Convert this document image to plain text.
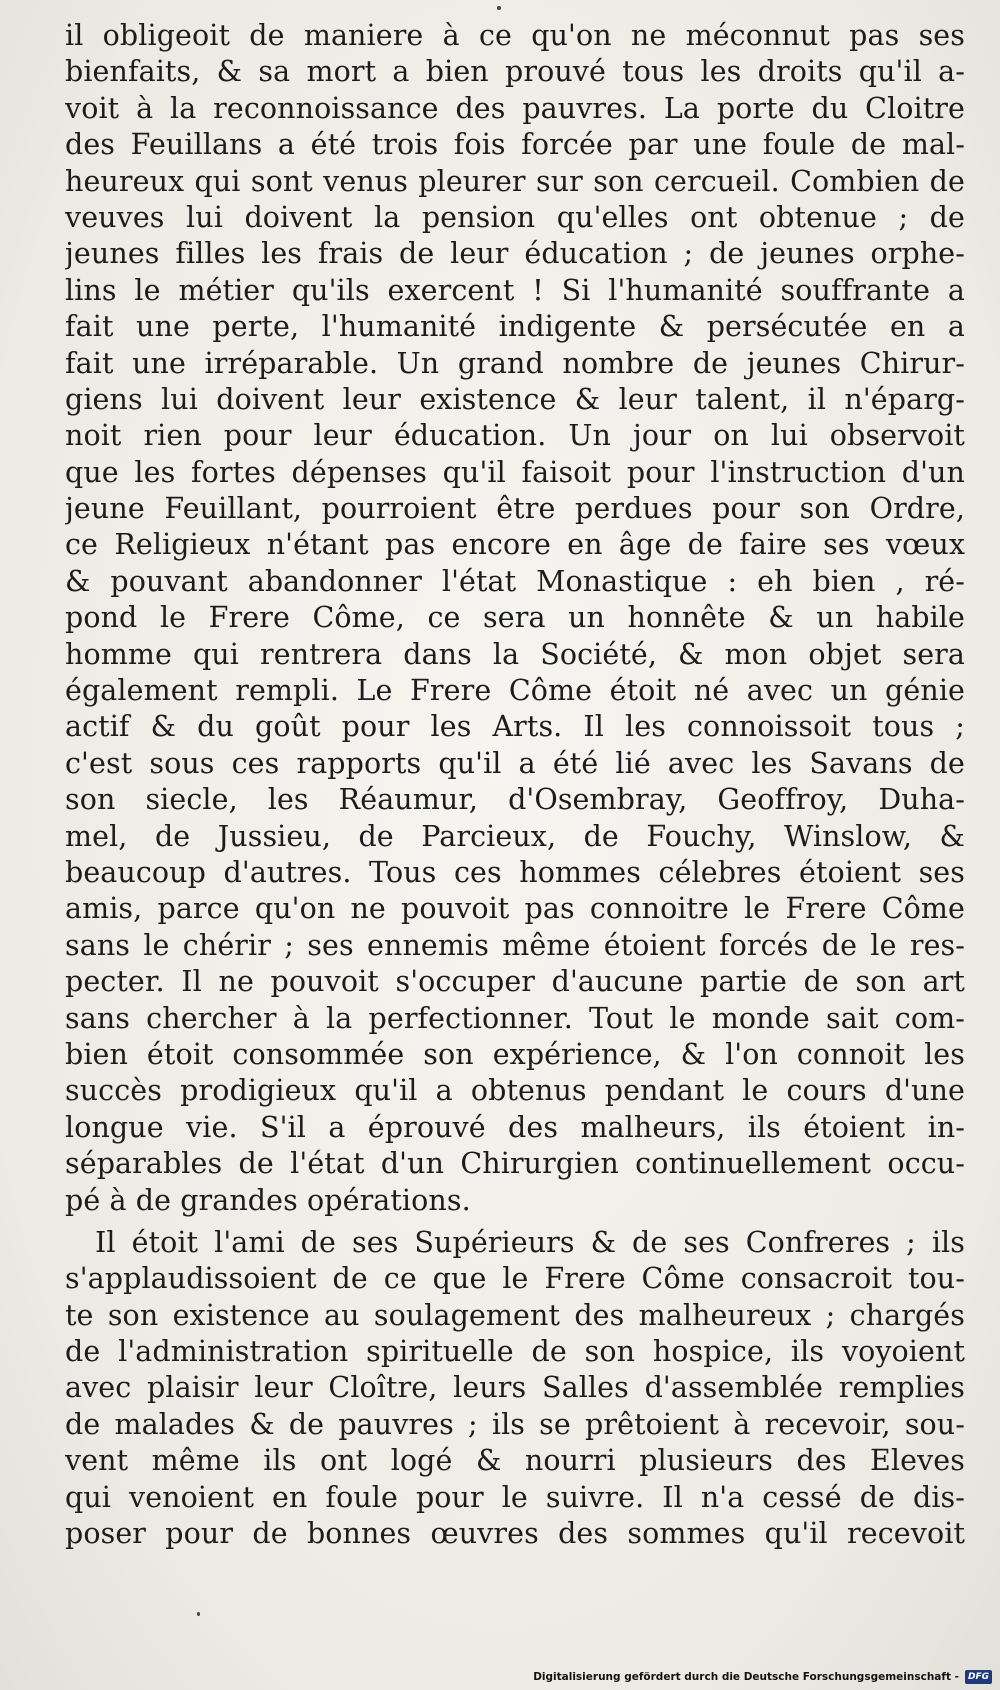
il obligeoit de maniere à ce qu'on ne méconnut pas ses
bienfaits, & sa mort a bien prouvé tous les droits qu'il a-
voit à la reconnoissance des pauvres. La porte du Cloitre
des Feuillans a été trois fois forcée par une foule de mal-
heureux qui sont venus pleurer sur son cercueil. Combien de
veuves lui doivent la pension qu'elles ont obtenue ; de
jeunes filles les frais de leur éducation ; de jeunes orphe-
lins le métier qu'ils exercent ! Si l'humanité souffrante a
fait une perte, l'humanité indigente & persécutée en a
fait une irréparable. Un grand nombre de jeunes Chirur-
giens lui doivent leur existence & leur talent, il n'éparg-
noit rien pour leur éducation. Un jour on lui observoit
que les fortes dépenses qu'il faisoit pour l'instruction d'un
jeune Feuillant, pourroient être perdues pour son Ordre,
ce Religieux n'étant pas encore en âge de faire ses vœux
& pouvant abandonner l'état Monastique : eh bien , ré-
pond le Frere Côme, ce sera un honnête & un habile
homme qui rentrera dans la Société, & mon objet sera
également rempli. Le Frere Côme étoit né avec un génie
actif & du goût pour les Arts. Il les connoissoit tous ;
c'est sous ces rapports qu'il a été lié avec les Savans de
son siecle, les Réaumur, d'Osembray, Geoffroy, Duha-
mel, de Jussieu, de Parcieux, de Fouchy, Winslow, &
beaucoup d'autres. Tous ces hommes célebres étoient ses
amis, parce qu'on ne pouvoit pas connoitre le Frere Côme
sans le chérir ; ses ennemis même étoient forcés de le res-
pecter. Il ne pouvoit s'occuper d'aucune partie de son art
sans chercher à la perfectionner. Tout le monde sait com-
bien étoit consommée son expérience, & l'on connoit les
succès prodigieux qu'il a obtenus pendant le cours d'une
longue vie. S'il a éprouvé des malheurs, ils étoient in-
séparables de l'état d'un Chirurgien continuellement occu-
pé à de grandes opérations.
Il étoit l'ami de ses Supérieurs & de ses Confreres ; ils
s'applaudissoient de ce que le Frere Côme consacroit tou-
te son existence au soulagement des malheureux ; chargés
de l'administration spirituelle de son hospice, ils voyoient
avec plaisir leur Cloître, leurs Salles d'assemblée remplies
de malades & de pauvres ; ils se prêtoient à recevoir, sou-
vent même ils ont logé & nourri plusieurs des Eleves
qui venoient en foule pour le suivre. Il n'a cessé de dis-
poser pour de bonnes œuvres des sommes qu'il recevoit
Digitalisierung gefördert durch die Deutsche Forschungsgemeinschaft -	DFG
